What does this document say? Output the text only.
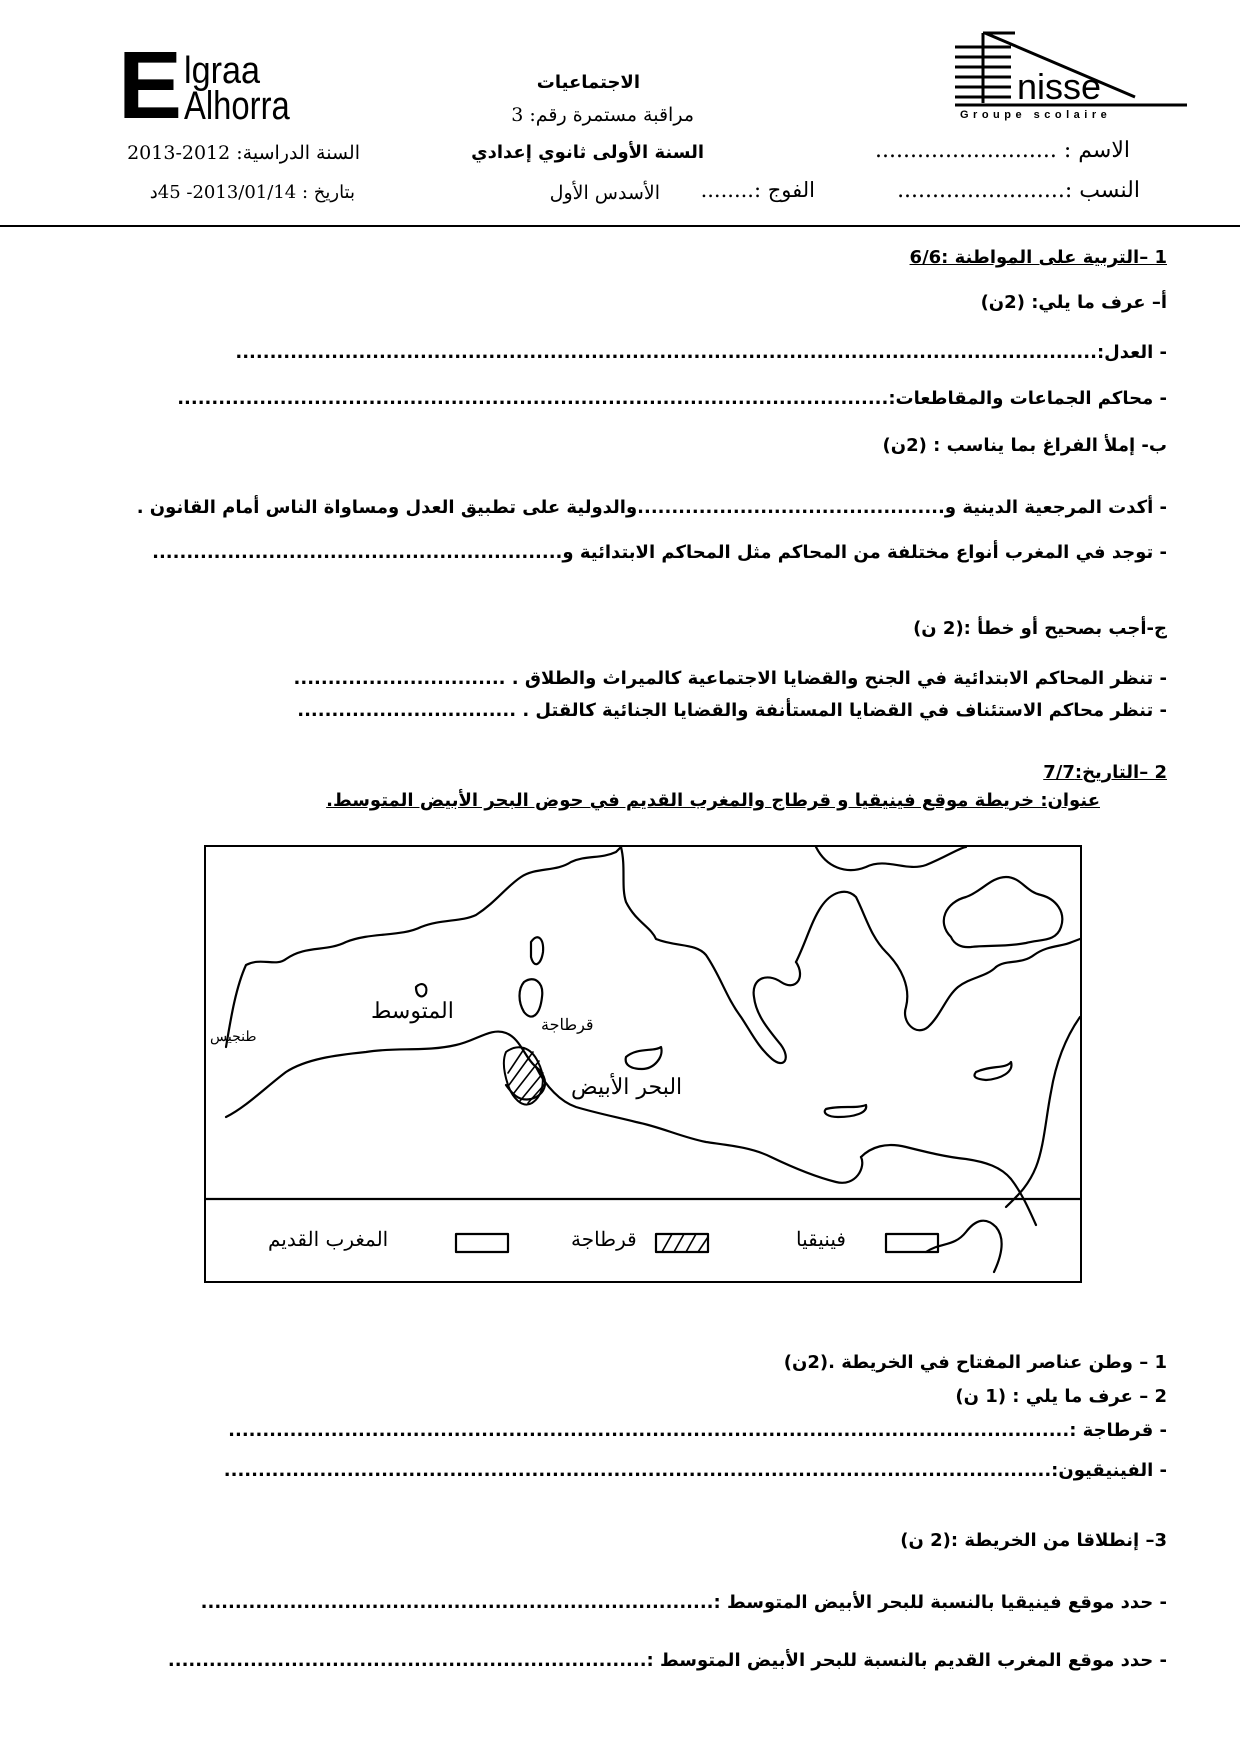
E lgraa
Alhorra	nisse
Groupe scolaire
الاجتماعيات
مراقبة مستمرة رقم: 3
السنة الأولى ثانوي إعدادي
السنة الدراسية: 2012-2013	الاسم : ..........................
النسب :........................
الفوج :........
الأسدس الأول
بتاريخ : 2013/01/14- 45د
1 –التربية على المواطنة :6/6
أ– عرف ما يلي: (2ن)
- العدل:..............................................................................................................................
- محاكم الجماعات والمقاطعات:........................................................................................................
ب- إملأ الفراغ بما يناسب : (2ن)
- أكدت المرجعية الدينية و.............................................والدولية على تطبيق العدل ومساواة الناس أمام القانون .
- توجد في المغرب أنواع مختلفة من المحاكم مثل المحاكم الابتدائية و............................................................
ج-أجب بصحيح أو خطأ :(2 ن)
- تنظر المحاكم الابتدائية في الجنح والقضايا الاجتماعية كالميراث والطلاق . ...............................
- تنظر محاكم الاستئناف في القضايا المستأنفة والقضايا الجنائية كالقتل . ................................
2 –التاريخ:7/7
عنوان: خريطة موقع فينيقيا و قرطاج والمغرب القديم في حوض البحر الأبيض المتوسط.
طنجيس
المتوسط
قرطاجة
البحر الأبيض
فينيقيا
قرطاجة
المغرب القديم
1 – وطن عناصر المفتاح في الخريطة .(2ن)
2 – عرف ما يلي : (1 ن)
- قرطاجة :...........................................................................................................................
- الفينيقيون:.........................................................................................................................
3– إنطلاقا من الخريطة :(2 ن)
- حدد موقع فينيقيا بالنسبة للبحر الأبيض المتوسط :...........................................................................
- حدد موقع المغرب القديم بالنسبة للبحر الأبيض المتوسط :......................................................................
